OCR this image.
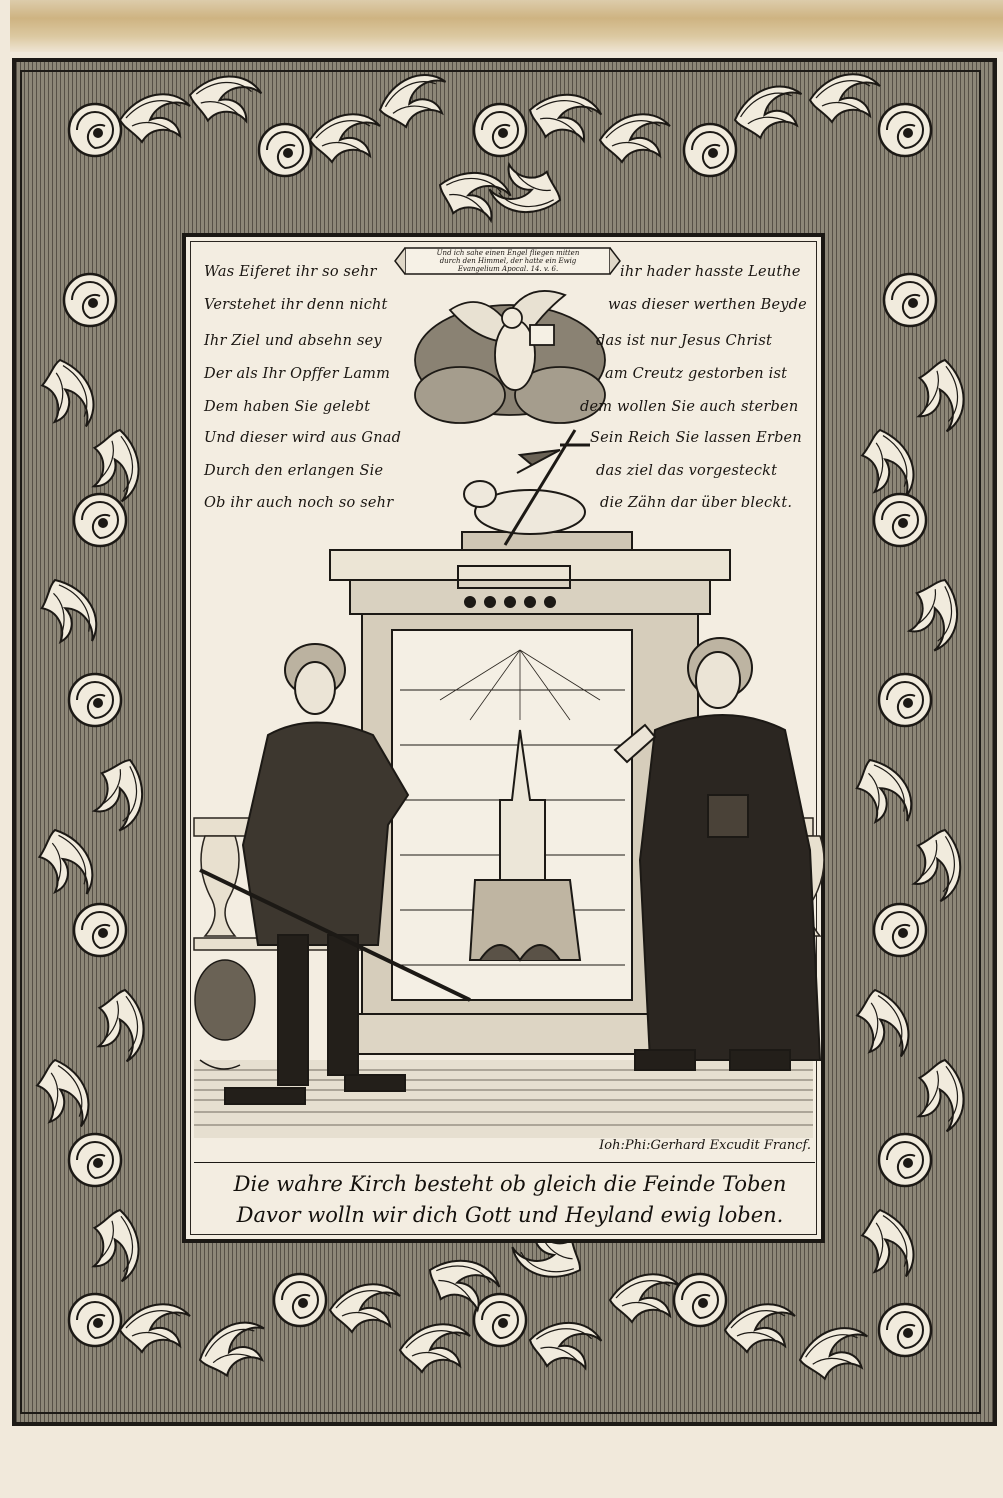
Und ich sahe einen Engel fliegen mitten
durch den Himmel, der hatte ein Ewig
Evangelium Apocal. 14. v. 6.
Was Eiferet ihr so sehr
Verstehet ihr denn nicht
Ihr Ziel und absehn sey
Der als Ihr Opffer Lamm
Dem haben Sie gelebt
Und dieser wird aus Gnad
Durch den erlangen Sie
Ob ihr auch noch so sehr
ihr hader hasste Leuthe
was dieser werthen Beyde
das ist nur Jesus Christ
am Creutz gestorben ist
dem wollen Sie auch sterben
Sein Reich Sie lassen Erben
das ziel das vorgesteckt
die Zähn dar über bleckt.
Ioh:Phi:Gerhard Excudit Francf.
Die wahre Kirch besteht ob gleich die Feinde Toben
Davor wolln wir dich Gott und Heyland ewig loben.
